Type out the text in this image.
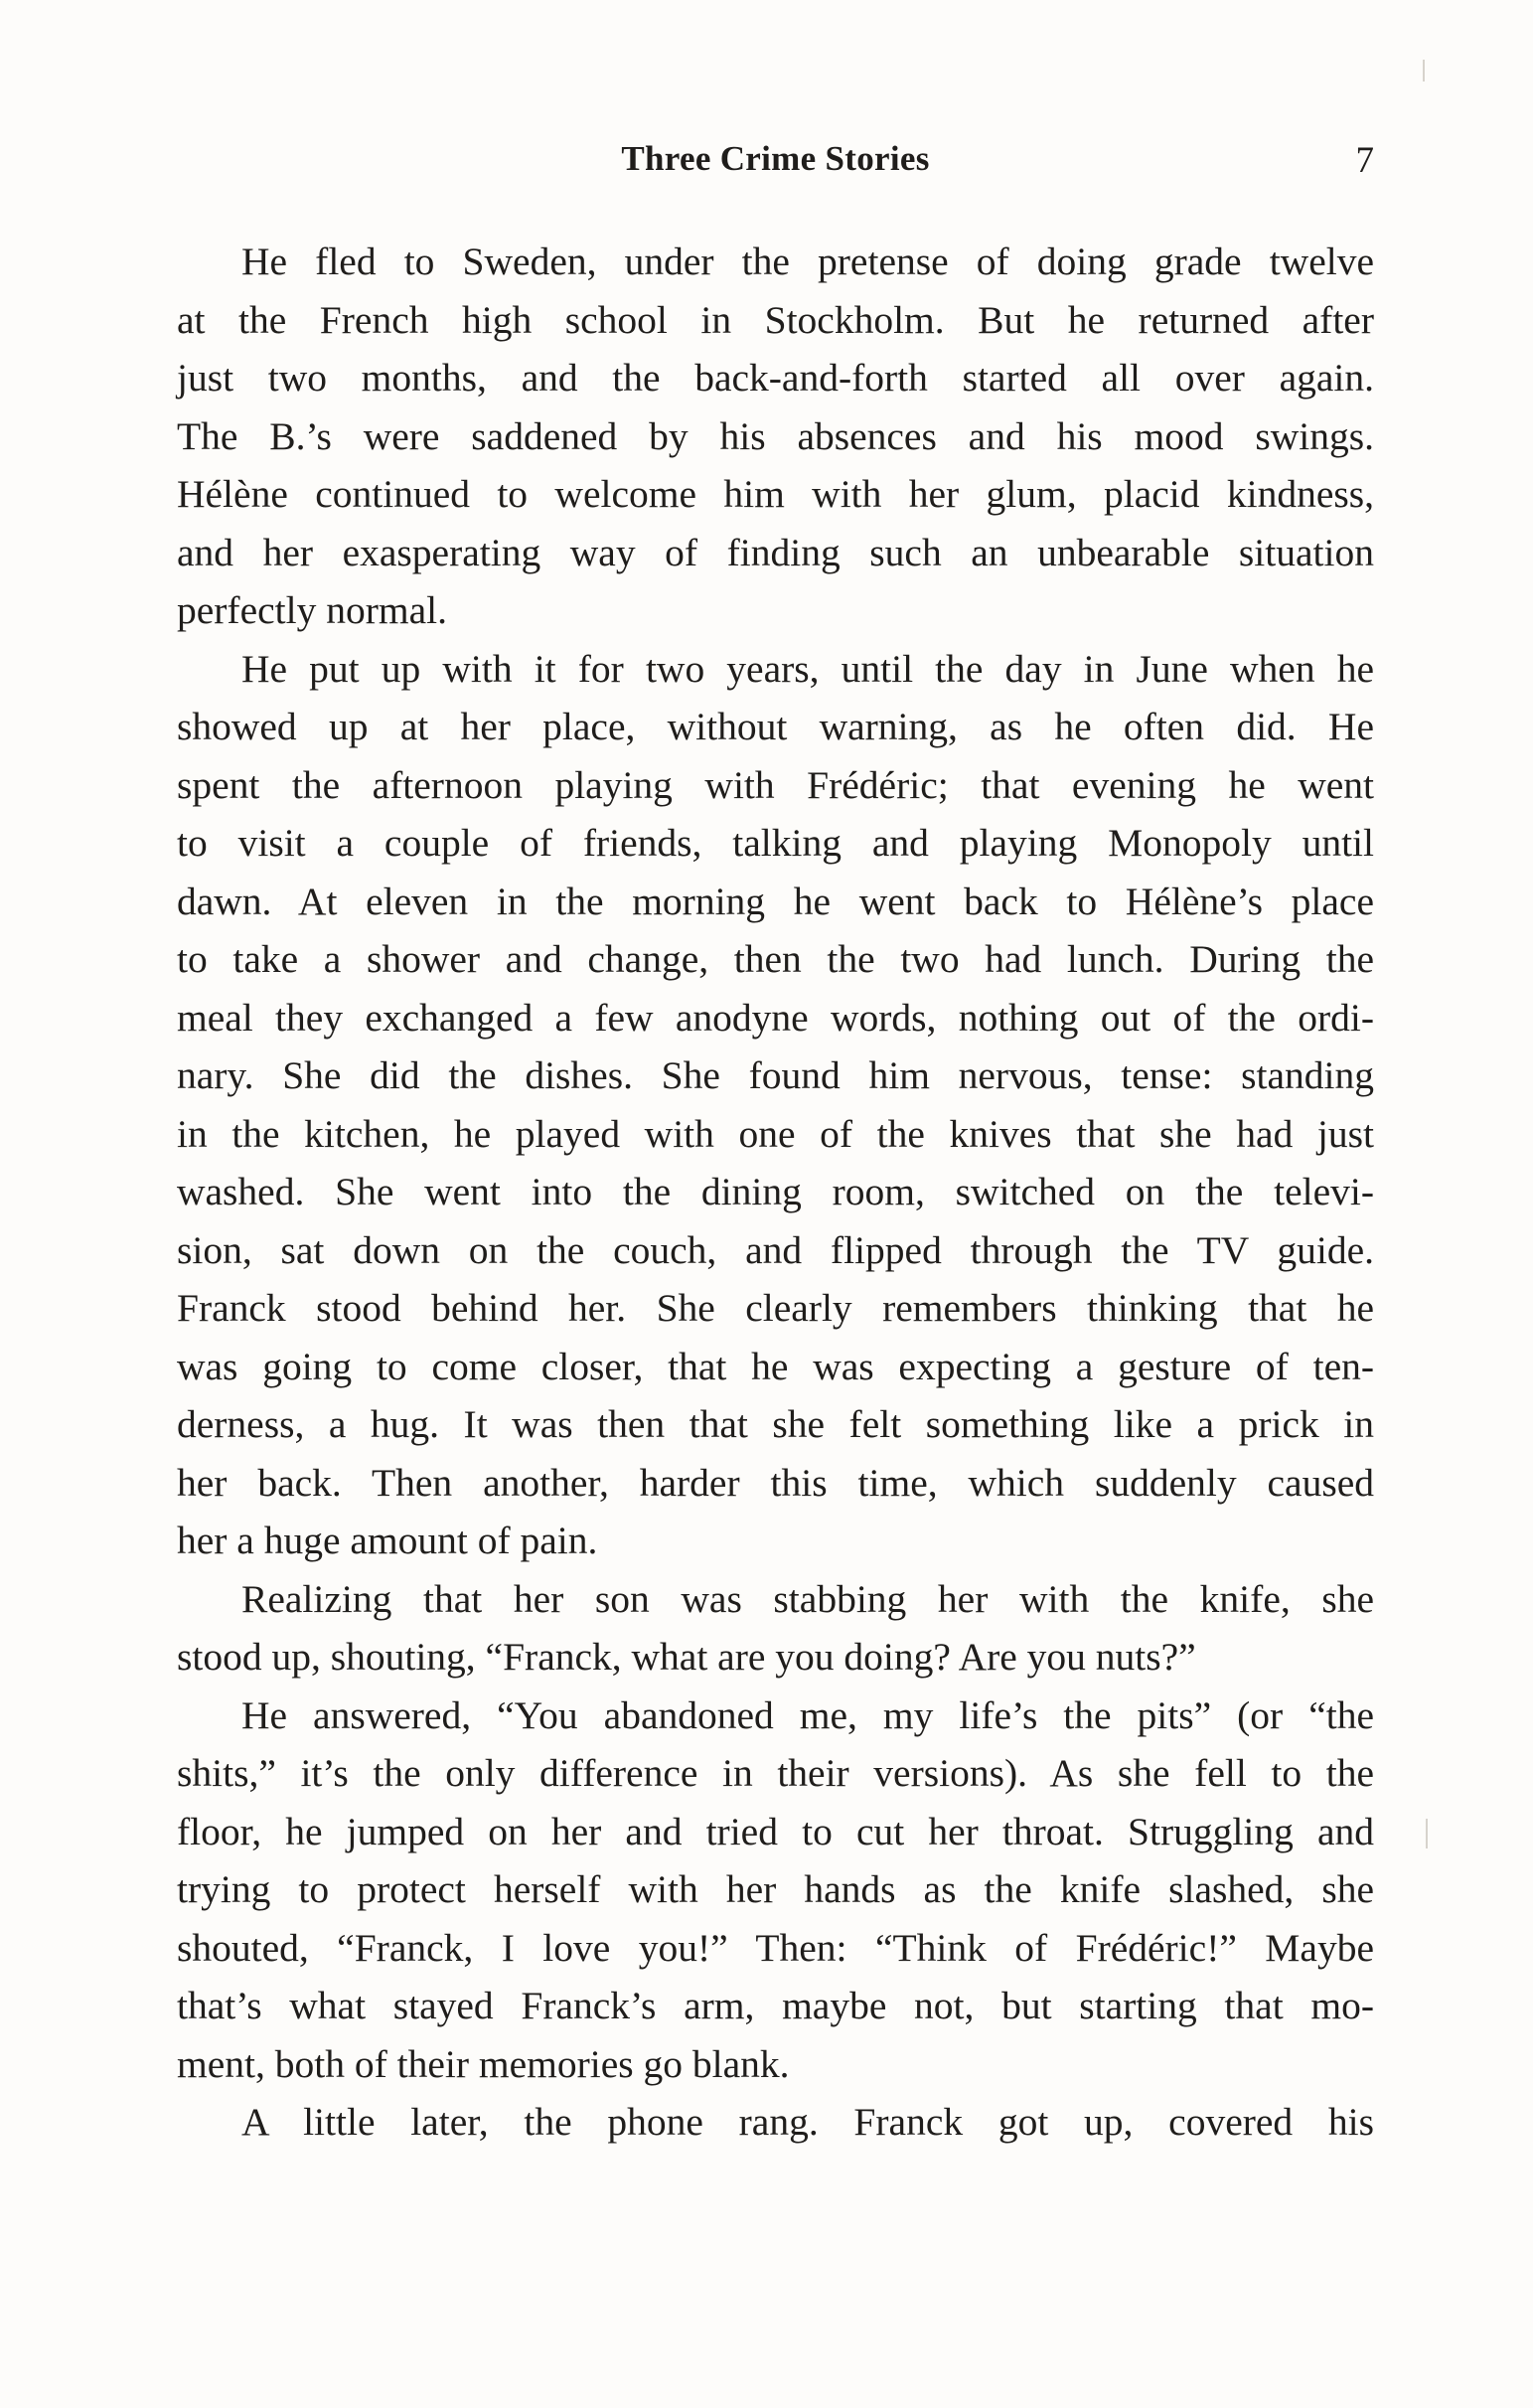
Three Crime Stories	7
He fled to Sweden, under the pretense of doing grade twelve
at the French high school in Stockholm. But he returned after
just two months, and the back-and-forth started all over again.
The B.’s were saddened by his absences and his mood swings.
Hélène continued to welcome him with her glum, placid kindness,
and her exasperating way of finding such an unbearable situation
perfectly normal.
He put up with it for two years, until the day in June when he
showed up at her place, without warning, as he often did. He
spent the afternoon playing with Frédéric; that evening he went
to visit a couple of friends, talking and playing Monopoly until
dawn. At eleven in the morning he went back to Hélène’s place
to take a shower and change, then the two had lunch. During the
meal they exchanged a few anodyne words, nothing out of the ordi-
nary. She did the dishes. She found him nervous, tense: standing
in the kitchen, he played with one of the knives that she had just
washed. She went into the dining room, switched on the televi-
sion, sat down on the couch, and flipped through the TV guide.
Franck stood behind her. She clearly remembers thinking that he
was going to come closer, that he was expecting a gesture of ten-
derness, a hug. It was then that she felt something like a prick in
her back. Then another, harder this time, which suddenly caused
her a huge amount of pain.
Realizing that her son was stabbing her with the knife, she
stood up, shouting, “Franck, what are you doing? Are you nuts?”
He answered, “You abandoned me, my life’s the pits” (or “the
shits,” it’s the only difference in their versions). As she fell to the
floor, he jumped on her and tried to cut her throat. Struggling and
trying to protect herself with her hands as the knife slashed, she
shouted, “Franck, I love you!” Then: “Think of Frédéric!” Maybe
that’s what stayed Franck’s arm, maybe not, but starting that mo-
ment, both of their memories go blank.
A little later, the phone rang. Franck got up, covered his
